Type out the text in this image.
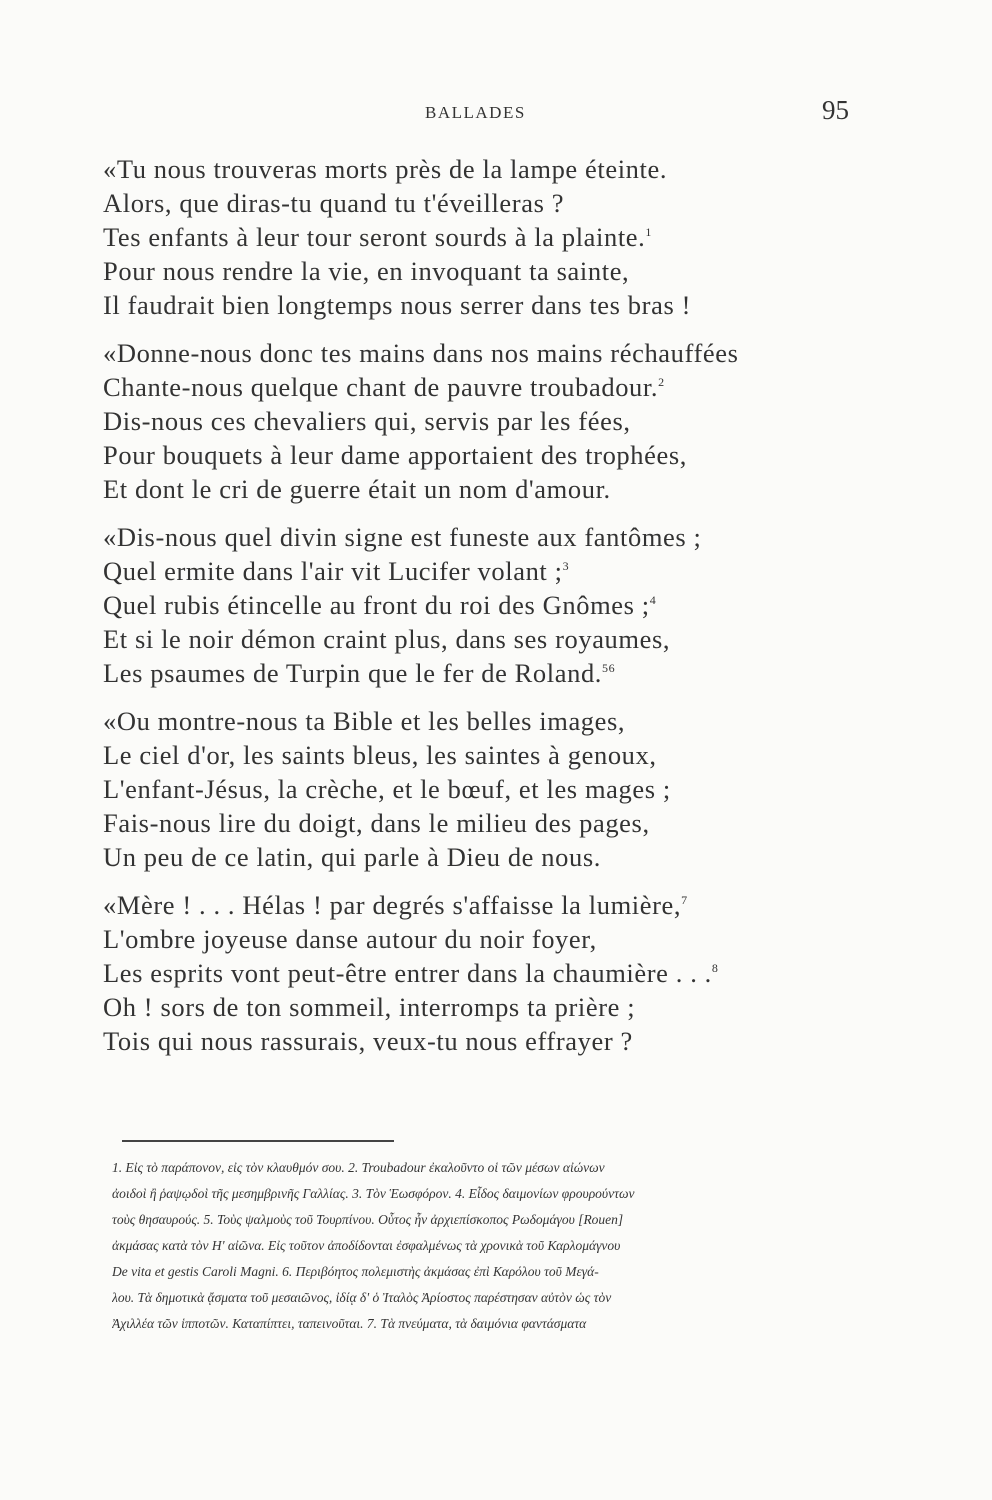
BALLADES	95
«Tu nous trouveras morts près de la lampe éteinte.
Alors, que diras-tu quand tu t'éveilleras ?
Tes enfants à leur tour seront sourds à la plainte.$^1$
Pour nous rendre la vie, en invoquant ta sainte,
Il faudrait bien longtemps nous serrer dans tes bras !
«Donne-nous donc tes mains dans nos mains réchauffées
Chante-nous quelque chant de pauvre troubadour.$^2$
Dis-nous ces chevaliers qui, servis par les fées,
Pour bouquets à leur dame apportaient des trophées,
Et dont le cri de guerre était un nom d'amour.
«Dis-nous quel divin signe est funeste aux fantômes ;
Quel ermite dans l'air vit Lucifer volant ;$^3$
Quel rubis étincelle au front du roi des Gnômes ;$^4$
Et si le noir démon craint plus, dans ses royaumes,
Les psaumes de Turpin que le fer de Roland.$^{56}$
«Ou montre-nous ta Bible et les belles images,
Le ciel d'or, les saints bleus, les saintes à genoux,
L'enfant-Jésus, la crèche, et le bœuf, et les mages ;
Fais-nous lire du doigt, dans le milieu des pages,
Un peu de ce latin, qui parle à Dieu de nous.
«Mère ! . . . Hélas ! par degrés s'affaisse la lumière,$^7$
L'ombre joyeuse danse autour du noir foyer,
Les esprits vont peut-être entrer dans la chaumière . . .$^8$
Oh ! sors de ton sommeil, interromps ta prière ;
Tois qui nous rassurais, veux-tu nous effrayer ?
1. Εἰς τὸ παράπονον, εἰς τὸν κλαυθμόν σου. 2. Troubadour ἐκαλοῦντο οἱ τῶν μέσων αἰώνων
ἀοιδοὶ ἢ ῥαψῳδοὶ τῆς μεσημβρινῆς Γαλλίας. 3. Τὸν Ἑωσφόρον. 4. Εἶδος δαιμονίων φρουρούντων
τοὺς θησαυρούς. 5. Τοὺς ψαλμοὺς τοῦ Τουρπίνου. Οὗτος ἦν ἀρχιεπίσκοπος Ρωδομάγου [Rouen]
ἀκμάσας κατὰ τὸν Η' αἰῶνα. Εἰς τοῦτον ἀποδίδονται ἐσφαλμένως τὰ χρονικὰ τοῦ Καρλομάγνου
De vita et gestis Caroli Magni. 6. Περιβόητος πολεμιστὴς ἀκμάσας ἐπὶ Καρόλου τοῦ Μεγά-
λου. Τὰ δημοτικὰ ᾄσματα τοῦ μεσαιῶνος, ἰδίᾳ δ' ὁ Ἰταλὸς Ἀρίοστος παρέστησαν αὐτὸν ὡς τὸν
Ἀχιλλέα τῶν ἱπποτῶν. Καταπίπτει, ταπεινοῦται. 7. Τὰ πνεύματα, τὰ δαιμόνια φαντάσματα
